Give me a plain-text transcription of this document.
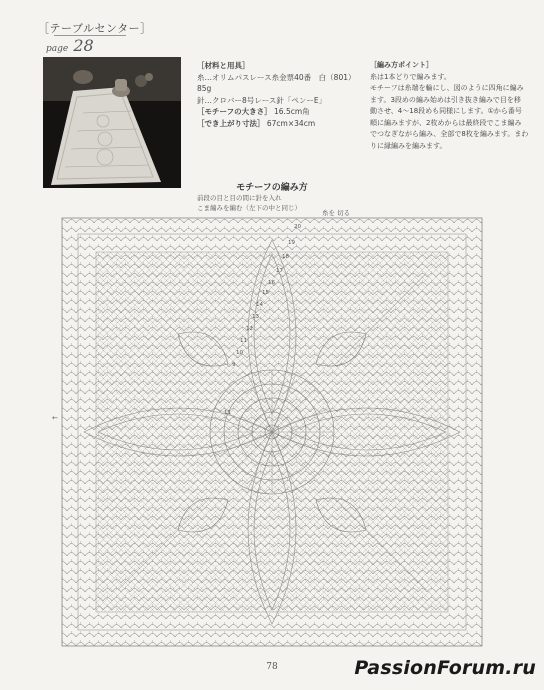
［テーブルセンター］
page 28
［材料と用具］
糸…オリムパスレース糸金票40番　白（801）85g
針…クロバー8号レース針「ペンーE」
［モチーフの大きさ］ 16.5cm角
［でき上がり寸法］ 67cm×34cm
［編み方ポイント］
糸は1本どりで編みます。
モチーフは糸端を輪にし、図のように四角に編み
ます。3段めの編み始めは引き抜き編みで目を移
動させ、4〜18段めも同様にします。①から番号
順に編みますが、2枚めからは最終段でこま編み
でつなぎながら編み、全部で8枚を編みます。まわ
りに縁編みを編みます。
モチーフの編み方
前段の目と目の間に針を入れ
こま編みを編む（左下の中と同じ）
糸を 切る
20
19
18
17
16
15
14
13
12
11
10
9
11
←
78	PassionForum.ru
